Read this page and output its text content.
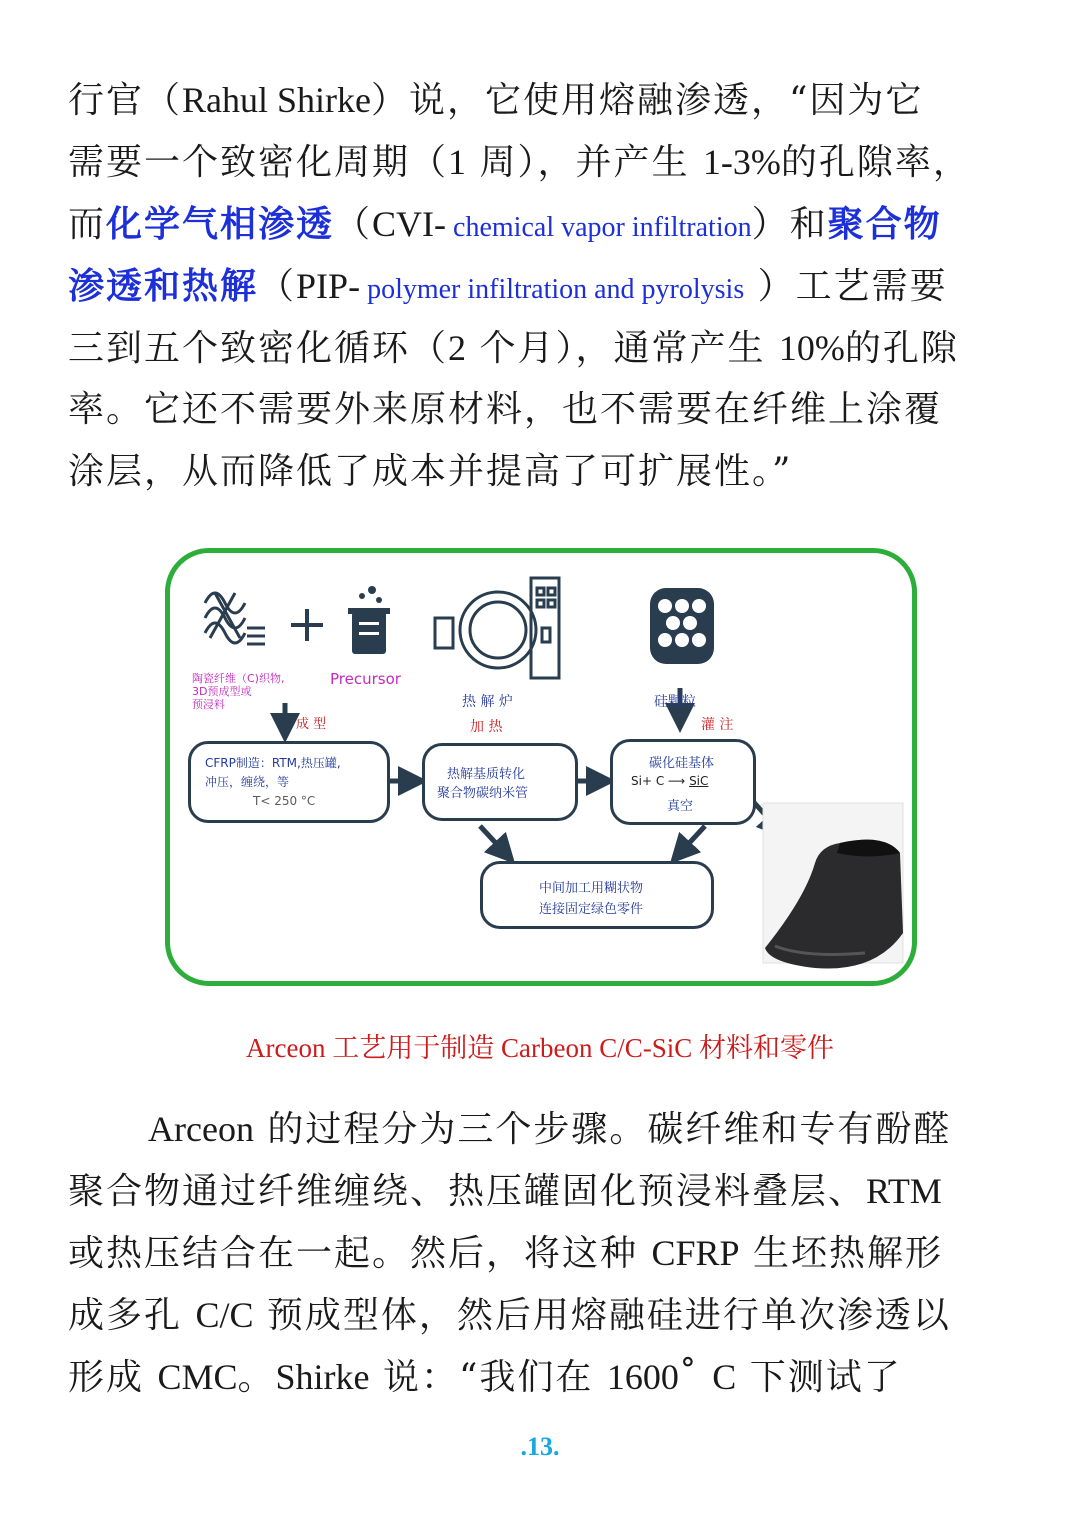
行官（Rahul Shirke）说，它使用熔融渗透，“因为它
需要一个致密化周期（1 周），并产生 1-3%的孔隙率，
而化学气相渗透（CVI- chemical vapor infiltration）和聚合物
渗透和热解（PIP- polymer infiltration and pyrolysis ）工艺需要
三到五个致密化循环（2 个月），通常产生 10%的孔隙
率。它还不需要外来原材料，也不需要在纤维上涂覆
涂层，从而降低了成本并提高了可扩展性。”
陶瓷纤维（C)织物,
3D预成型或
预浸料
Precursor
热 解 炉
加 热
硅颗粒
成 型	灌 注
CFRP制造：RTM,热压罐,
冲压，缠绕，等
T< 250 °C
热解基质转化
聚合物碳纳米管
碳化硅基体
Si+ C ⟶ SiC
真空
中间加工用糊状物
连接固定绿色零件
Arceon 工艺用于制造 Carbeon C/C-SiC 材料和零件
Arceon 的过程分为三个步骤。碳纤维和专有酚醛
聚合物通过纤维缠绕、热压罐固化预浸料叠层、RTM
或热压结合在一起。然后，将这种 CFRP 生坯热解形
成多孔 C/C 预成型体，然后用熔融硅进行单次渗透以
形成 CMC。Shirke 说：“我们在 1600˚ C 下测试了
.13.
